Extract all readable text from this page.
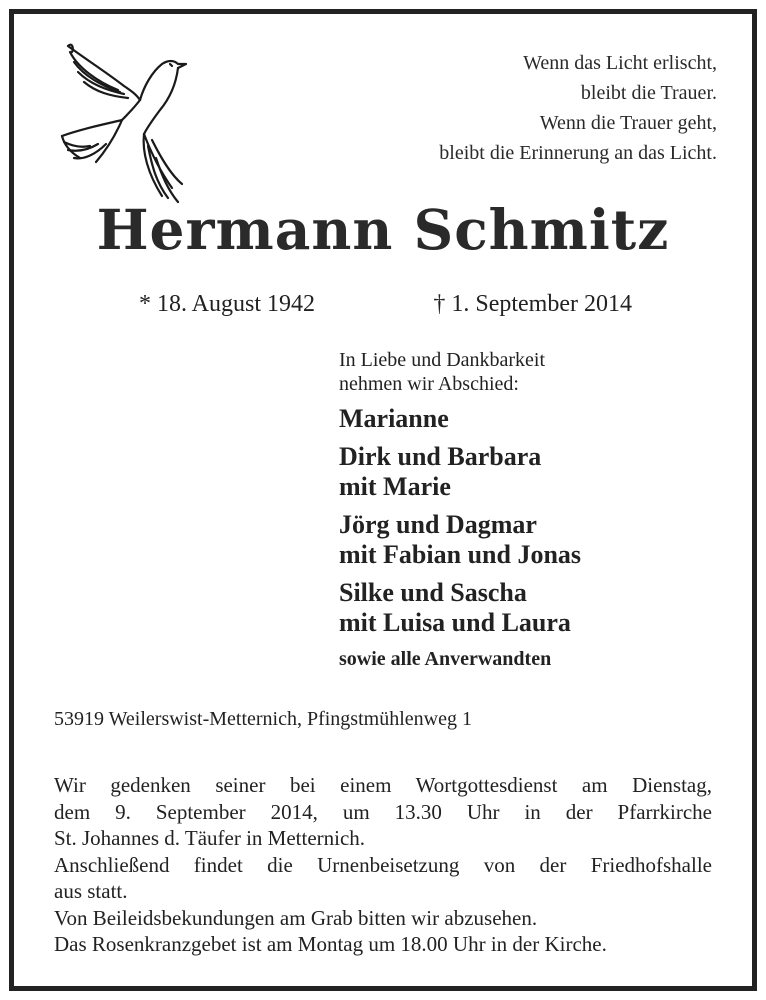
Wenn das Licht erlischt,
bleibt die Trauer.
Wenn die Trauer geht,
bleibt die Erinnerung an das Licht.
Hermann Schmitz
* 18. August 1942	† 1. September 2014
In Liebe und Dankbarkeit
nehmen wir Abschied:
Marianne
Dirk und Barbara
mit Marie
Jörg und Dagmar
mit Fabian und Jonas
Silke und Sascha
mit Luisa und Laura
sowie alle Anverwandten
53919 Weilerswist-Metternich, Pfingstmühlenweg 1
Wir gedenken seiner bei einem Wortgottesdienst am Dienstag,
dem 9. September 2014, um 13.30 Uhr in der Pfarrkirche
St. Johannes d. Täufer in Metternich.
Anschließend findet die Urnenbeisetzung von der Friedhofshalle
aus statt.
Von Beileidsbekundungen am Grab bitten wir abzusehen.
Das Rosenkranzgebet ist am Montag um 18.00 Uhr in der Kirche.
